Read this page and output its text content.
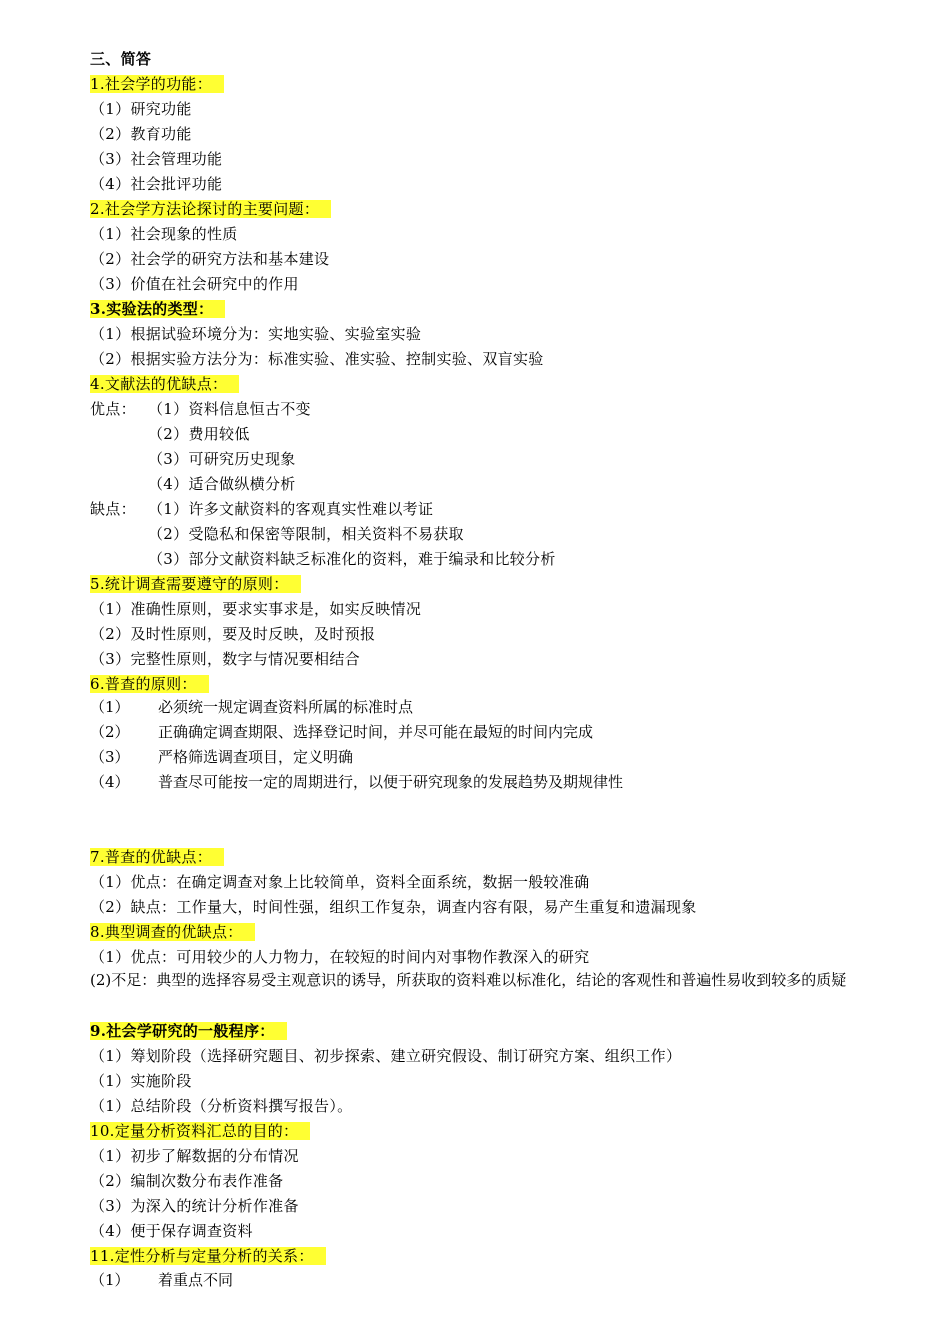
三、简答
1.社会学的功能：
（1）研究功能
（2）教育功能
（3）社会管理功能
（4）社会批评功能
2.社会学方法论探讨的主要问题：
（1）社会现象的性质
（2）社会学的研究方法和基本建设
（3）价值在社会研究中的作用
3.实验法的类型：
（1）根据试验环境分为：实地实验、实验室实验
（2）根据实验方法分为：标准实验、准实验、控制实验、双盲实验
4.文献法的优缺点：
优点： （1）资料信息恒古不变
（2）费用较低
（3）可研究历史现象
（4）适合做纵横分析
缺点： （1）许多文献资料的客观真实性难以考证
（2）受隐私和保密等限制，相关资料不易获取
（3）部分文献资料缺乏标准化的资料，难于编录和比较分析
5.统计调查需要遵守的原则：
（1）准确性原则，要求实事求是，如实反映情况
（2）及时性原则，要及时反映，及时预报
（3）完整性原则，数字与情况要相结合
6.普查的原则：
（1） 必须统一规定调查资料所属的标准时点
（2） 正确确定调查期限、选择登记时间，并尽可能在最短的时间内完成
（3） 严格筛选调查项目，定义明确
（4） 普查尽可能按一定的周期进行，以便于研究现象的发展趋势及期规律性
7.普查的优缺点：
（1）优点：在确定调查对象上比较简单，资料全面系统，数据一般较准确
（2）缺点：工作量大，时间性强，组织工作复杂，调查内容有限，易产生重复和遗漏现象
8.典型调查的优缺点：
（1）优点：可用较少的人力物力，在较短的时间内对事物作教深入的研究
(2)不足：典型的选择容易受主观意识的诱导，所获取的资料难以标准化，结论的客观性和普遍性易收到较多的质疑
9.社会学研究的一般程序：
（1）筹划阶段（选择研究题目、初步探索、建立研究假设、制订研究方案、组织工作）
（1）实施阶段
（1）总结阶段（分析资料撰写报告）。
10.定量分析资料汇总的目的：
（1）初步了解数据的分布情况
（2）编制次数分布表作准备
（3）为深入的统计分析作准备
（4）便于保存调查资料
11.定性分析与定量分析的关系：
（1） 着重点不同
